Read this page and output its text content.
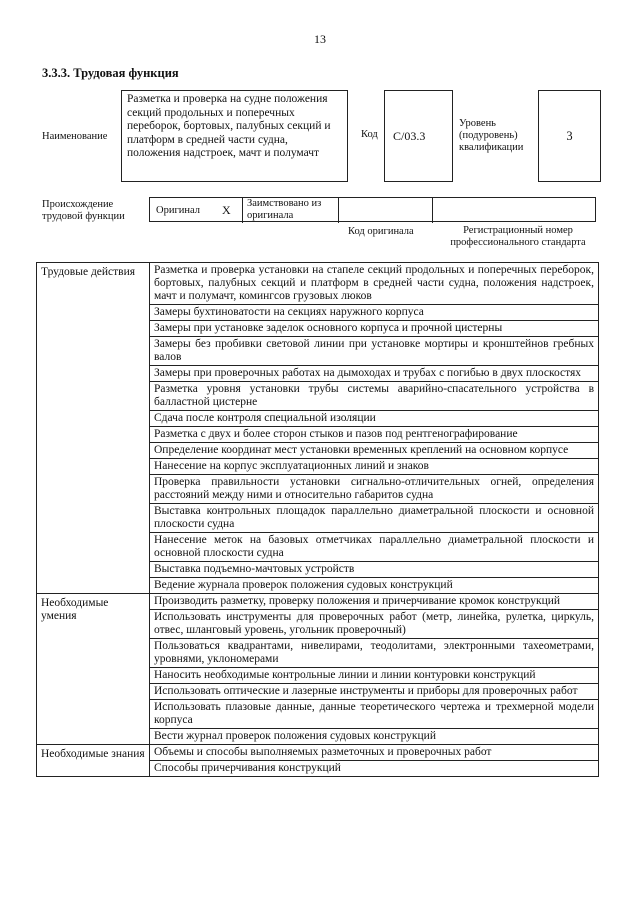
13
3.3.3. Трудовая функция
Наименование
Разметка и проверка на судне положения секций продольных и поперечных переборок, бортовых, палубных секций и платформ в средней части судна, положения надстроек, мачт и полумачт
Код	С/03.3
Уровень (подуровень) квалификации
3
Происхождение трудовой функции
Оригинал X Заимствовано из оригинала
Код оригинала	Регистрационный номер профессионального стандарта
Трудовые действия	Разметка и проверка установки на стапеле секций продольных и поперечных переборок, бортовых, палубных секций и платформ в средней части судна, положения надстроек, мачт и полумачт, комингсов грузовых люков
	Замеры бухтиноватости на секциях наружного корпуса
	Замеры при установке заделок основного корпуса и прочной цистерны
	Замеры без пробивки световой линии при установке мортиры и кронштейнов гребных валов
	Замеры при проверочных работах на дымоходах и трубах с погибью в двух плоскостях
	Разметка уровня установки трубы системы аварийно-спасательного устройства в балластной цистерне
	Сдача после контроля специальной изоляции
	Разметка с двух и более сторон стыков и пазов под рентгенографирование
	Определение координат мест установки временных креплений на основном корпусе
	Нанесение на корпус эксплуатационных линий и знаков
	Проверка правильности установки сигнально-отличительных огней, определения расстояний между ними и относительно габаритов судна
	Выставка контрольных площадок параллельно диаметральной плоскости и основной плоскости судна
	Нанесение меток на базовых отметчиках параллельно диаметральной плоскости и основной плоскости судна
	Выставка подъемно-мачтовых устройств
	Ведение журнала проверок положения судовых конструкций
Необходимые умения	Производить разметку, проверку положения и причерчивание кромок конструкций
	Использовать инструменты для проверочных работ (метр, линейка, рулетка, циркуль, отвес, шланговый уровень, угольник проверочный)
	Пользоваться квадрантами, нивелирами, теодолитами, электронными тахеометрами, уровнями, уклономерами
	Наносить необходимые контрольные линии и линии контуровки конструкций
	Использовать оптические и лазерные инструменты и приборы для проверочных работ
	Использовать плазовые данные, данные теоретического чертежа и трехмерной модели корпуса
	Вести журнал проверок положения судовых конструкций
Необходимые знания	Объемы и способы выполняемых разметочных и проверочных работ
	Способы причерчивания конструкций
